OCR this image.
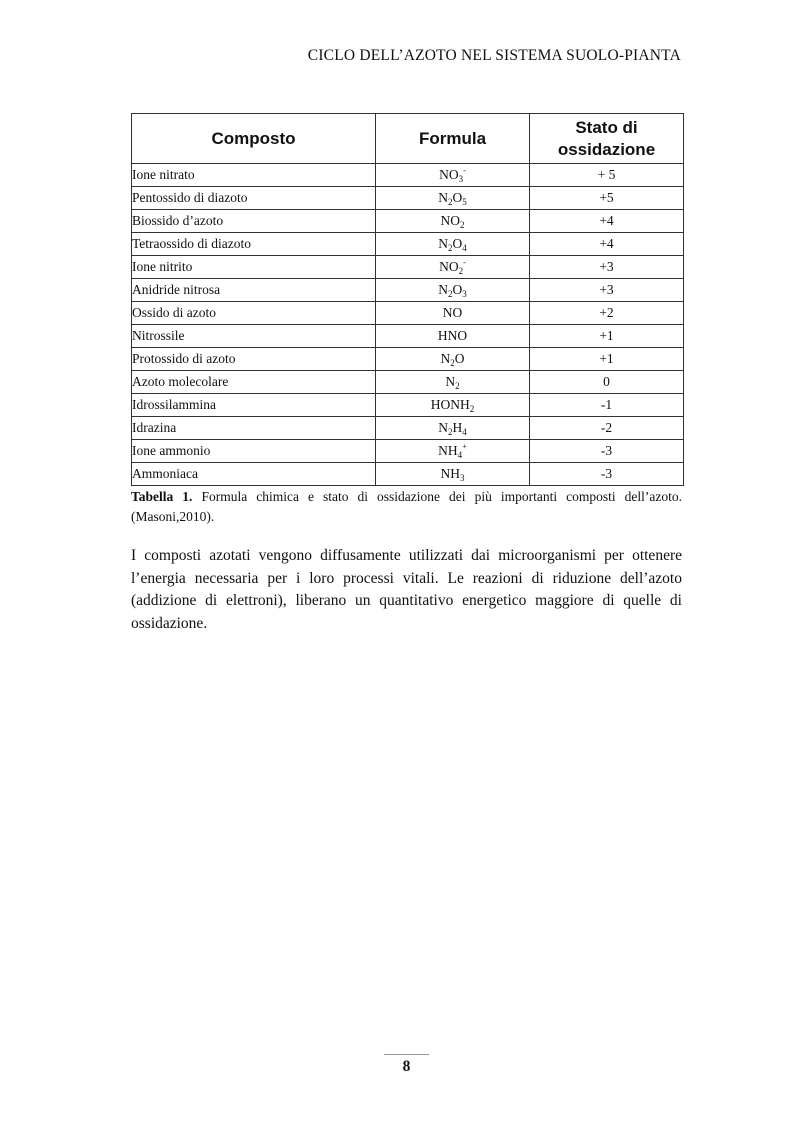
CICLO DELL’AZOTO NEL SISTEMA SUOLO-PIANTA
Composto	Formula	Stato di
ossidazione
Ione nitrato	$NO_3^-$	+ 5
Pentossido di diazoto	$N_2O_5$	+5
Biossido d’azoto	$NO_2$	+4
Tetraossido di diazoto	$N_2O_4$	+4
Ione nitrito	$NO_2^-$	+3
Anidride nitrosa	$N_2O_3$	+3
Ossido di azoto	NO	+2
Nitrossile	HNO	+1
Protossido di azoto	$N_2O$	+1
Azoto molecolare	$N_2$	0
Idrossilammina	$HONH_2$	-1
Idrazina	$N_2H_4$	-2
Ione ammonio	$NH_4^+$	-3
Ammoniaca	$NH_3$	-3
Tabella 1. Formula chimica e stato di ossidazione dei più importanti composti dell’azoto.
(Masoni,2010).

I composti azotati vengono diffusamente utilizzati dai microorganismi per ottenere l’energia necessaria per i loro processi vitali. Le reazioni di riduzione dell’azoto (addizione di elettroni), liberano un quantitativo energetico maggiore di quelle di ossidazione.

8
